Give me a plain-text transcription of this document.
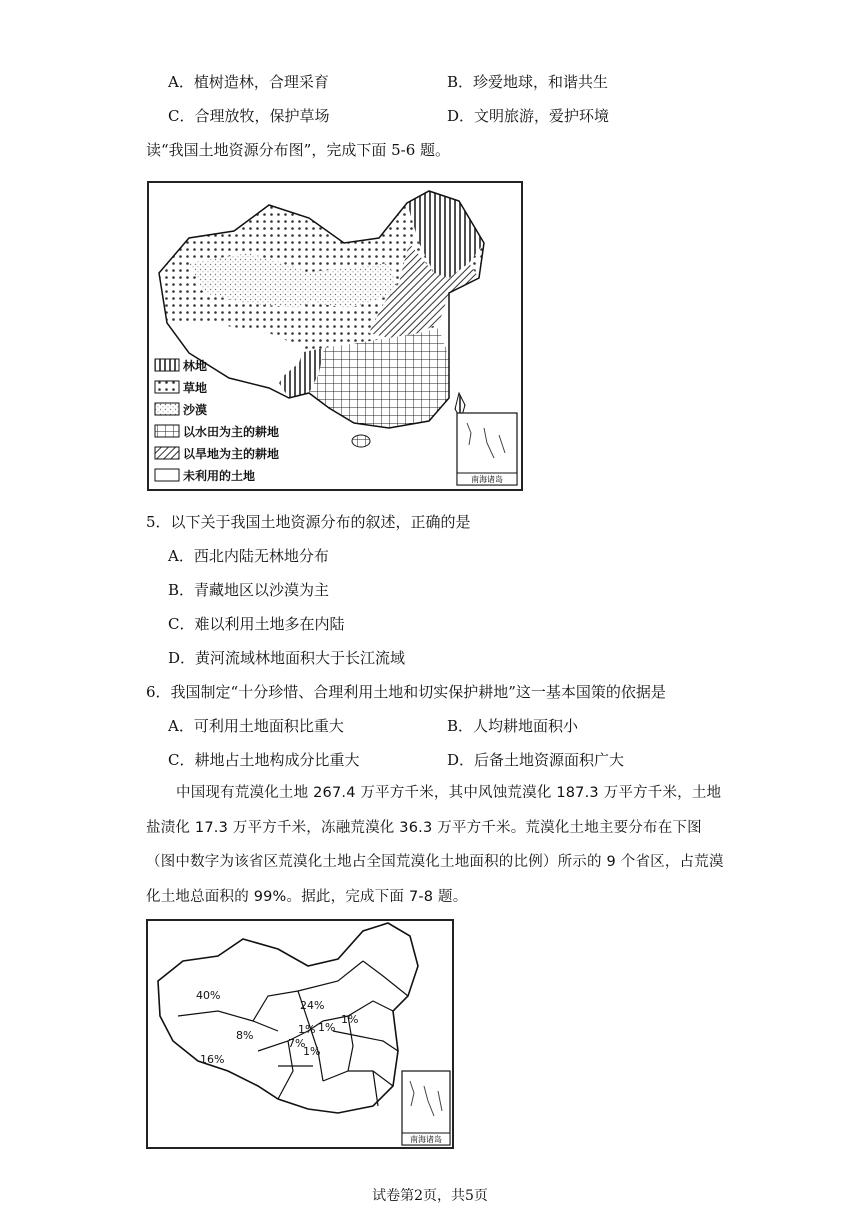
A．植树造林，合理采育	B．珍爱地球，和谐共生
C．合理放牧，保护草场	D．文明旅游，爱护环境
读“我国土地资源分布图”，完成下面 5-6 题。
林地
草地
沙漠
以水田为主的耕地
以旱地为主的耕地
未利用的土地	南海诸岛
5．以下关于我国土地资源分布的叙述，正确的是
A．西北内陆无林地分布
B．青藏地区以沙漠为主
C．难以利用土地多在内陆
D．黄河流域林地面积大于长江流域
6．我国制定“十分珍惜、合理利用土地和切实保护耕地”这一基本国策的依据是
A．可利用土地面积比重大	B．人均耕地面积小
C．耕地占土地构成分比重大	D．后备土地资源面积广大
中国现有荒漠化土地 267.4 万平方千米，其中风蚀荒漠化 187.3 万平方千米，土地盐渍化 17.3 万平方千米，冻融荒漠化 36.3 万平方千米。荒漠化土地主要分布在下图（图中数字为该省区荒漠化土地占全国荒漠化土地面积的比例）所示的 9 个省区，占荒漠化土地总面积的 99%。据此，完成下面 7-8 题。
40%
24%
8%
16%
7%
1% 1%
1%
1%
南海诸岛
试卷第2页，共5页
